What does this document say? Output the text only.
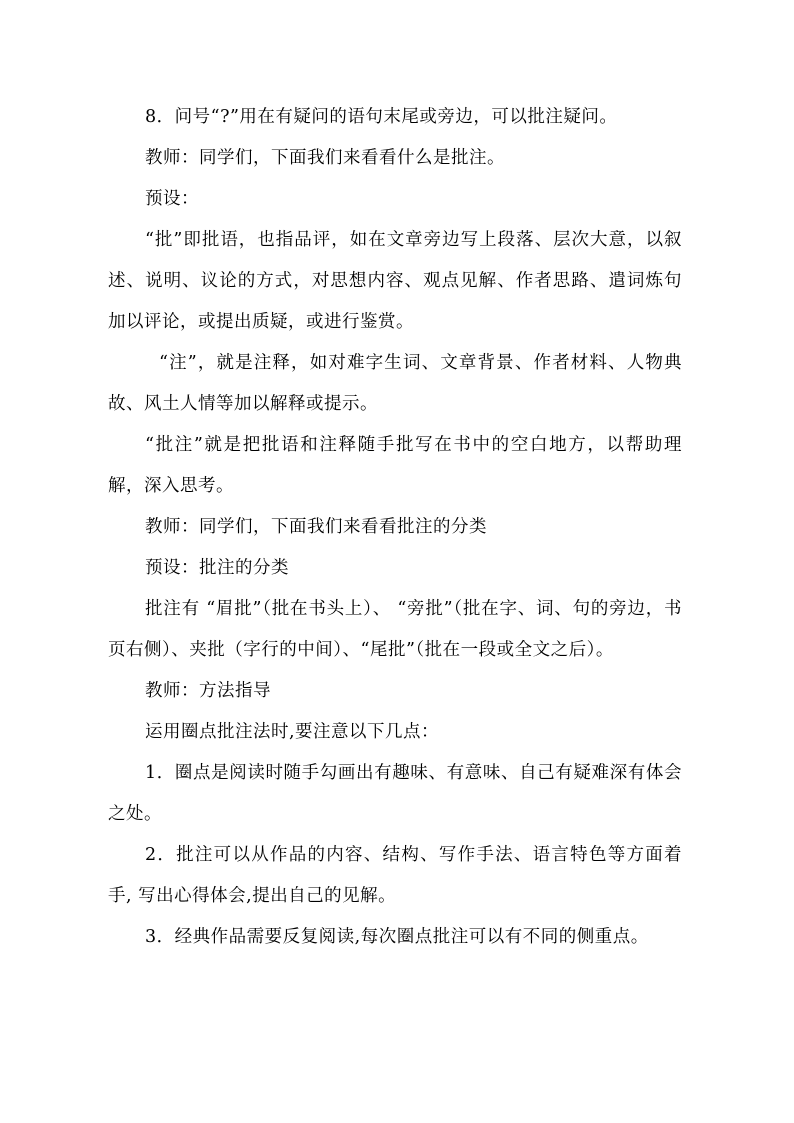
8．问号“?”用在有疑问的语句末尾或旁边，可以批注疑问。

教师：同学们，下面我们来看看什么是批注。

预设：

“批”即批语，也指品评，如在文章旁边写上段落、层次大意，以叙述、说明、议论的方式，对思想内容、观点见解、作者思路、遣词炼句加以评论，或提出质疑，或进行鉴赏。

“注”，就是注释，如对难字生词、文章背景、作者材料、人物典故、风土人情等加以解释或提示。

“批注”就是把批语和注释随手批写在书中的空白地方，以帮助理解，深入思考。

教师：同学们，下面我们来看看批注的分类

预设：批注的分类

批注有 “眉批”（批在书头上）、 “旁批”（批在字、词、句的旁边，书页右侧）、夹批（字行的中间）、“尾批”（批在一段或全文之后）。

教师：方法指导

运用圈点批注法时,要注意以下几点：

1．圈点是阅读时随手勾画出有趣味、有意味、自己有疑难深有体会之处。

2．批注可以从作品的内容、结构、写作手法、语言特色等方面着手, 写出心得体会,提出自己的见解。

3．经典作品需要反复阅读,每次圈点批注可以有不同的侧重点。
